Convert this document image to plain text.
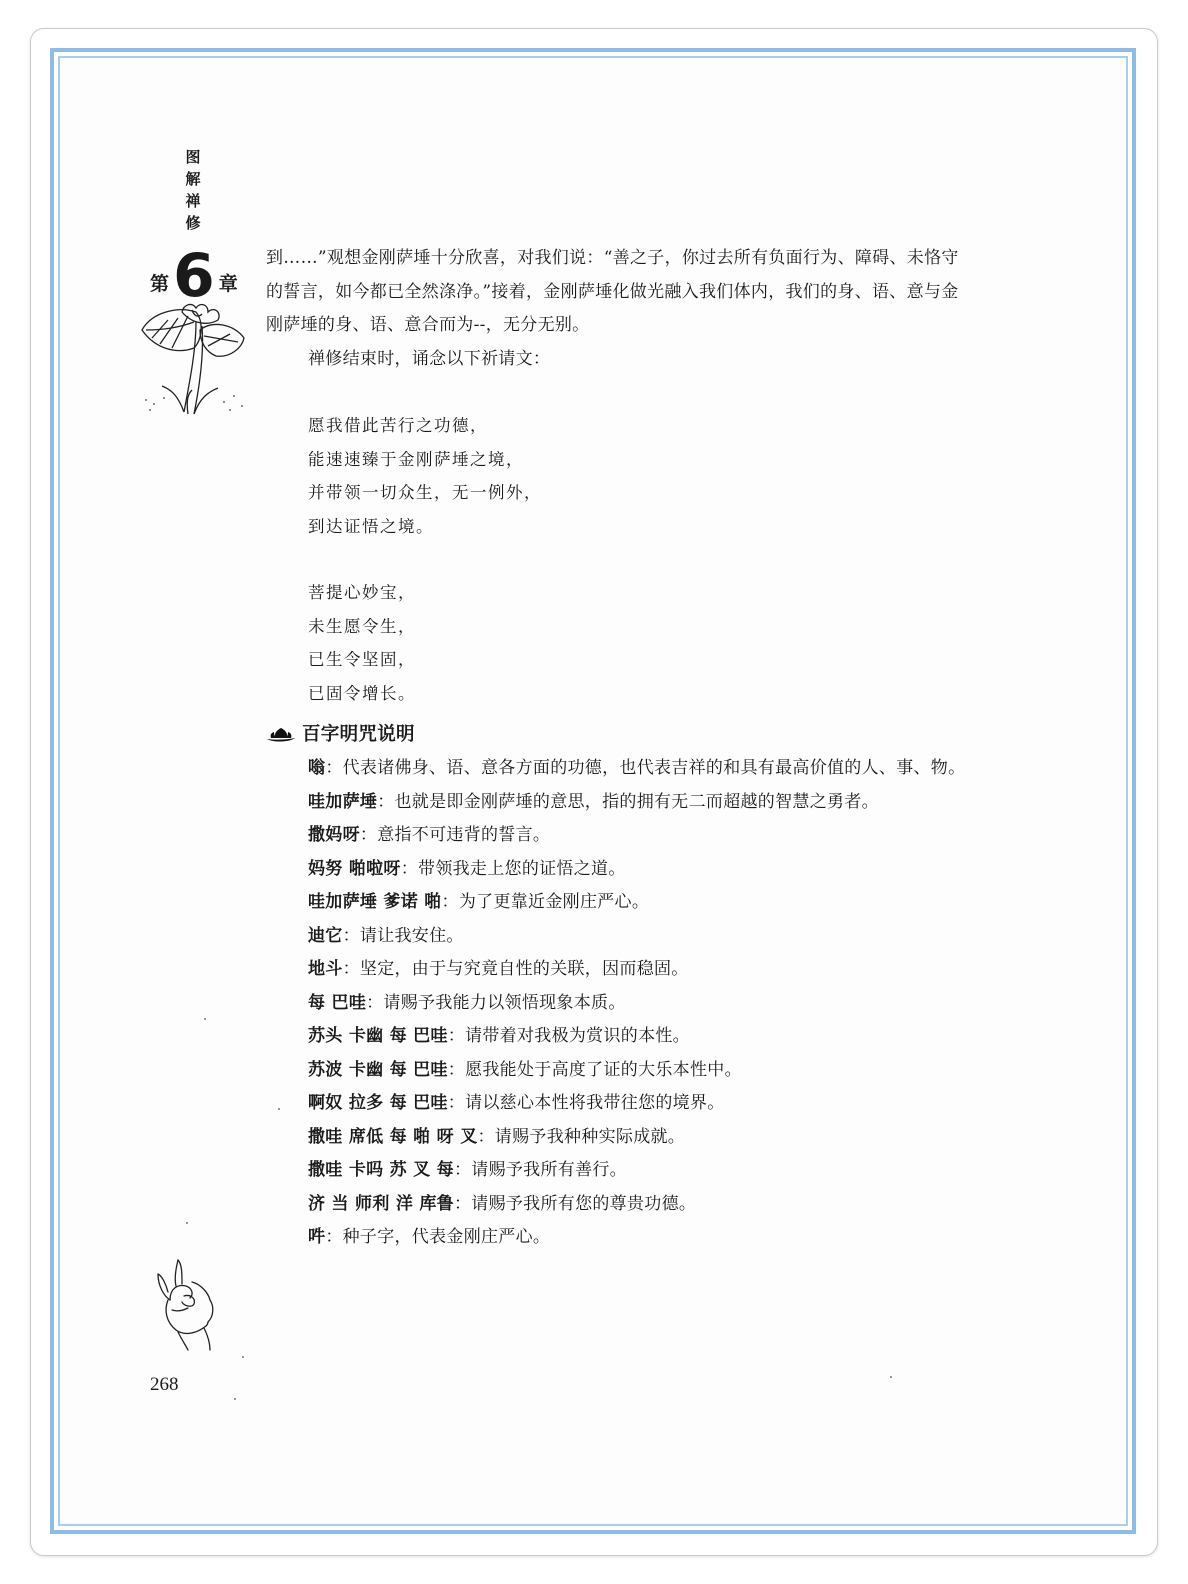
图
解
禅
修
第 6 章

到……”观想金刚萨埵十分欣喜，对我们说：“善之子，你过去所有负面行为、障碍、未恪守的誓言，如今都已全然涤净。”接着，金刚萨埵化做光融入我们体内，我们的身、语、意与金刚萨埵的身、语、意合而为--，无分无别。

禅修结束时，诵念以下祈请文：

愿我借此苦行之功德，
能速速臻于金刚萨埵之境，
并带领一切众生，无一例外，
到达证悟之境。
菩提心妙宝，
未生愿令生，
已生令坚固，
已固令增长。
百字明咒说明

嗡：代表诸佛身、语、意各方面的功德，也代表吉祥的和具有最高价值的人、事、物。

哇加萨埵：也就是即金刚萨埵的意思，指的拥有无二而超越的智慧之勇者。

撒妈呀：意指不可违背的誓言。

妈努 啪啦呀：带领我走上您的证悟之道。

哇加萨埵 爹诺 啪：为了更靠近金刚庄严心。

迪它：请让我安住。

地斗：坚定，由于与究竟自性的关联，因而稳固。

每 巴哇：请赐予我能力以领悟现象本质。

苏头 卡幽 每 巴哇：请带着对我极为赏识的本性。

苏波 卡幽 每 巴哇：愿我能处于高度了证的大乐本性中。

啊奴 拉多 每 巴哇：请以慈心本性将我带往您的境界。

撒哇 席低 每 啪 呀 叉：请赐予我种种实际成就。

撒哇 卡吗 苏 叉 每：请赐予我所有善行。

济 当 师利 洋 库鲁：请赐予我所有您的尊贵功德。

吽：种子字，代表金刚庄严心。

268
